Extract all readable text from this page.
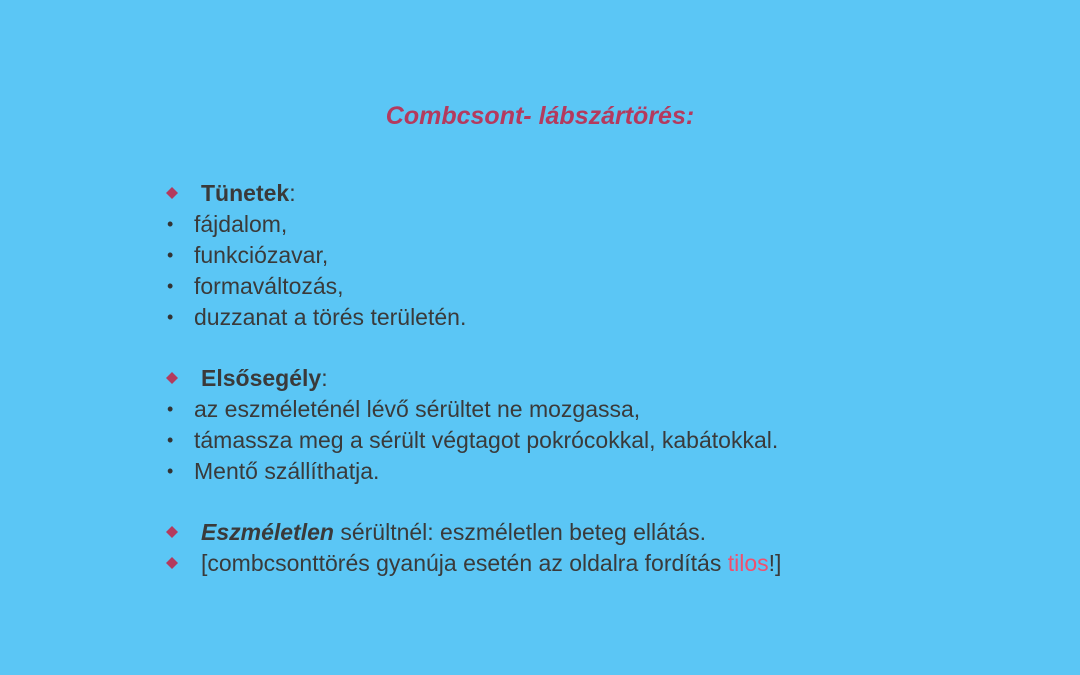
Combcsont- lábszártörés:
Tünetek:
• fájdalom,
• funkciózavar,
• formaváltozás,
• duzzanat a törés területén.
Elsősegély:
• az eszméleténél lévő sérültet ne mozgassa,
• támassza meg a sérült végtagot pokrócokkal, kabátokkal.
• Mentő szállíthatja.
Eszméletlen sérültnél: eszméletlen beteg ellátás.
[combcsonttörés gyanúja esetén az oldalra fordítás tilos!]
